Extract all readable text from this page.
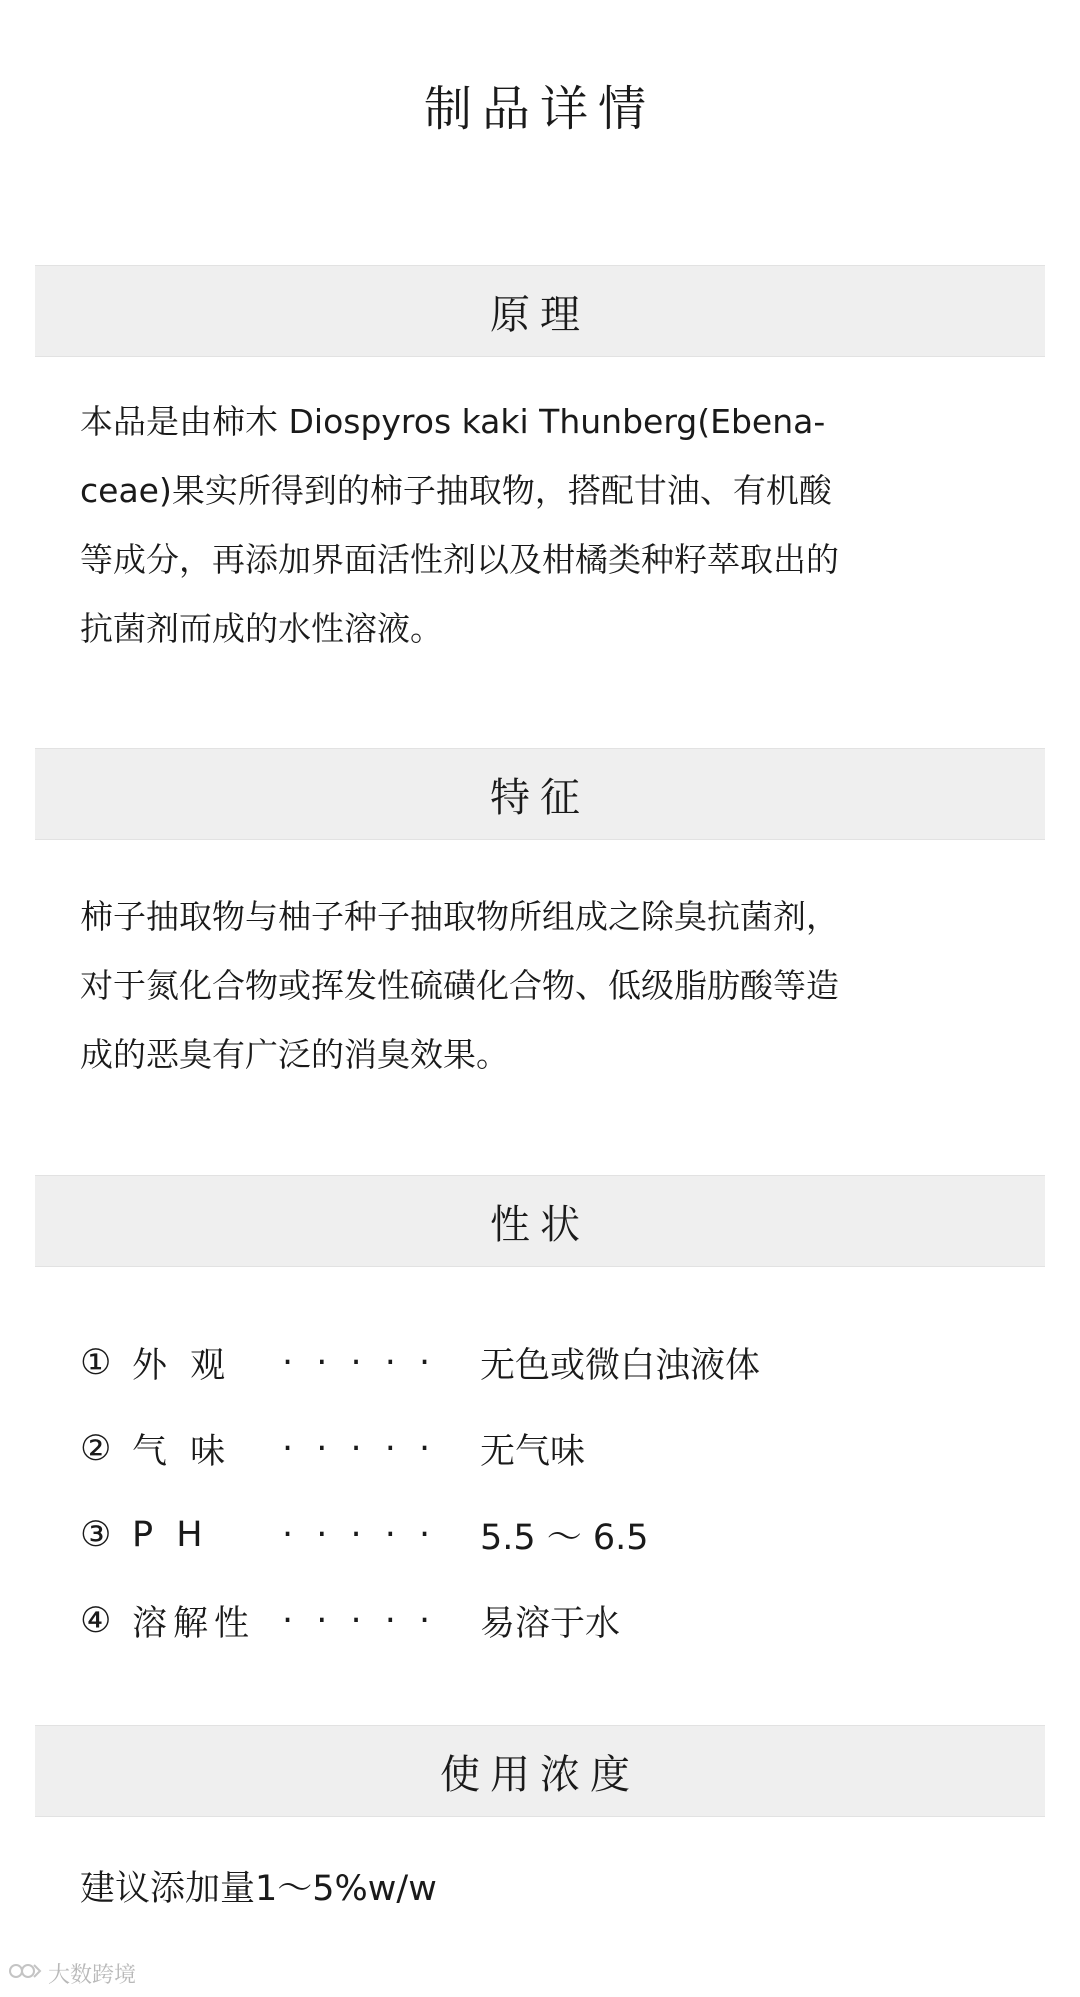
制品详情
原理

本品是由柿木 Diospyros kaki Thunberg(Ebena-
ceae)果实所得到的柿子抽取物，搭配甘油、有机酸
等成分，再添加界面活性剂以及柑橘类种籽萃取出的
抗菌剂而成的水性溶液。

特征

柿子抽取物与柚子种子抽取物所组成之除臭抗菌剂，
对于氮化合物或挥发性硫磺化合物、低级脂肪酸等造
成的恶臭有广泛的消臭效果。

性状
① 外 观	· · · · ·	无色或微白浊液体
② 气 味	· · · · ·	无气味
③ P H	· · · · ·	5.5 ～ 6.5
④ 溶解性 · · · · ·	易溶于水
使用浓度

建议添加量1～5%w/w

大数跨境
